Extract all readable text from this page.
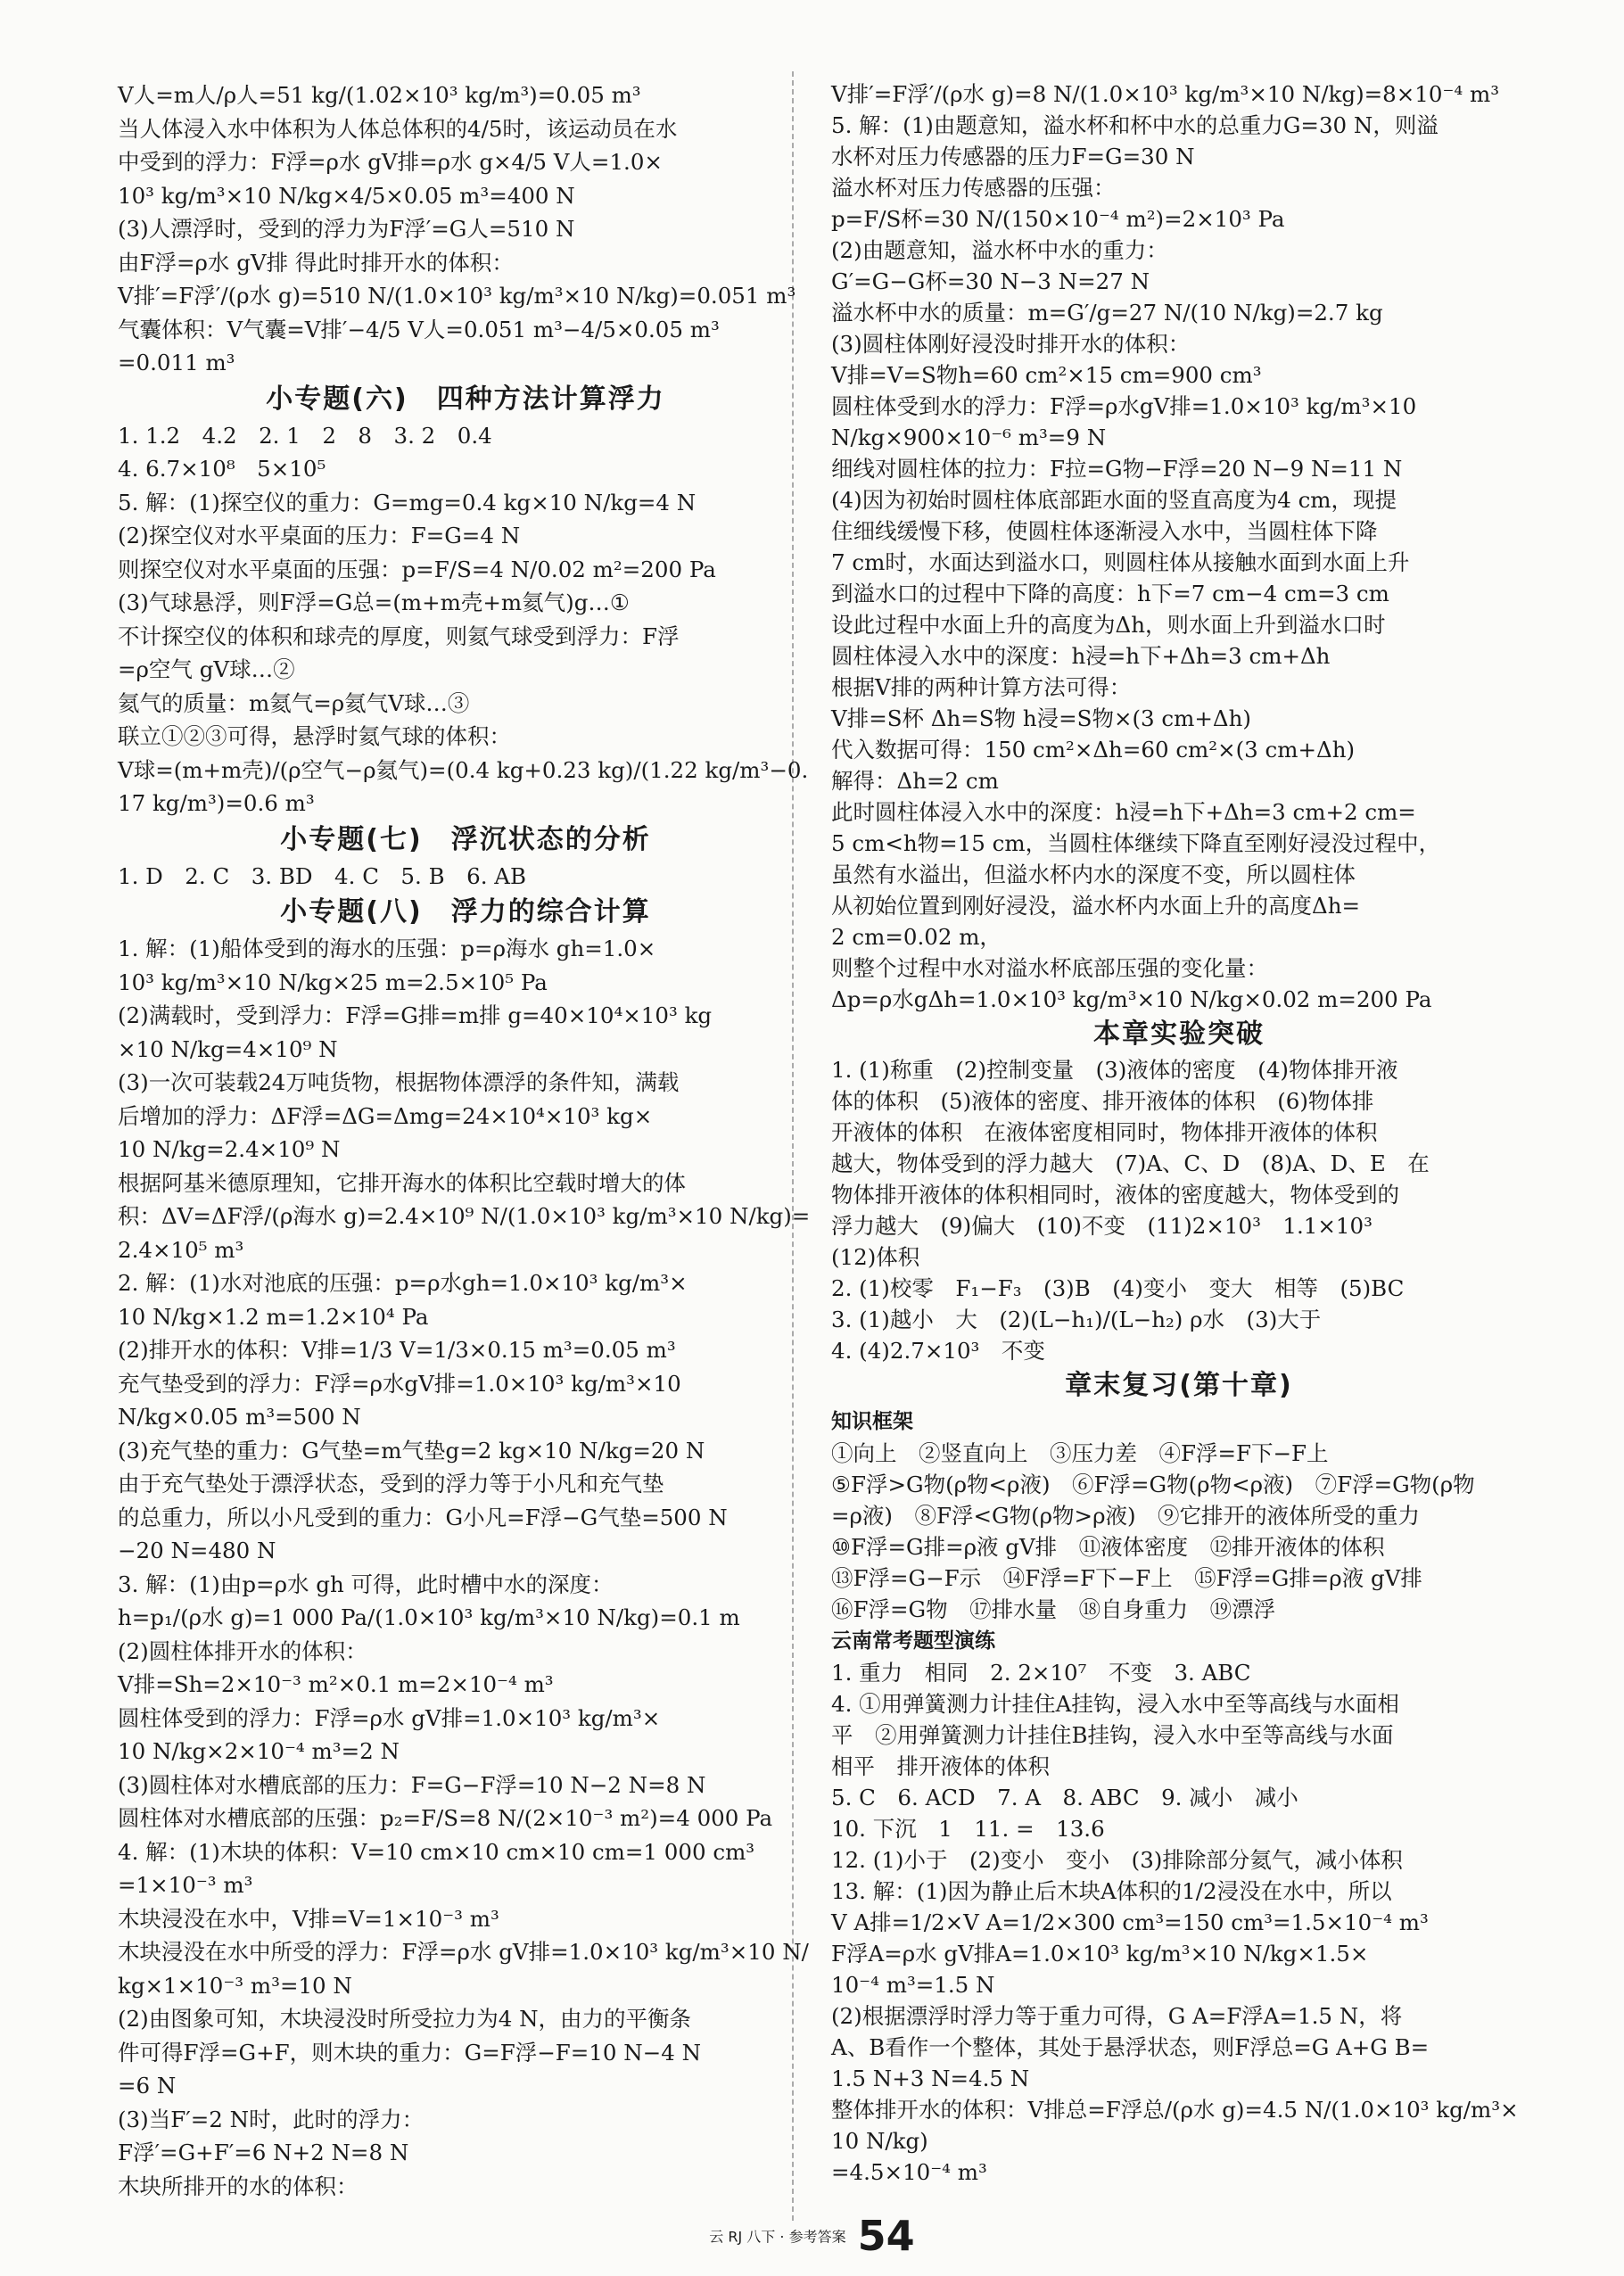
V人=m人/ρ人=51 kg/(1.02×10³ kg/m³)=0.05 m³
当人体浸入水中体积为人体总体积的4/5时，该运动员在水
中受到的浮力：F浮=ρ水 gV排=ρ水 g×4/5 V人=1.0×
10³ kg/m³×10 N/kg×4/5×0.05 m³=400 N
(3)人漂浮时，受到的浮力为F浮′=G人=510 N
由F浮=ρ水 gV排 得此时排开水的体积：
V排′=F浮′/(ρ水 g)=510 N/(1.0×10³ kg/m³×10 N/kg)=0.051 m³
气囊体积：V气囊=V排′−4/5 V人=0.051 m³−4/5×0.05 m³
=0.011 m³
小专题(六)　四种方法计算浮力
1. 1.2　4.2　2. 1　2　8　3. 2　0.4
4. 6.7×10⁸　5×10⁵
5. 解：(1)探空仪的重力：G=mg=0.4 kg×10 N/kg=4 N
(2)探空仪对水平桌面的压力：F=G=4 N
则探空仪对水平桌面的压强：p=F/S=4 N/0.02 m²=200 Pa
(3)气球悬浮，则F浮=G总=(m+m壳+m氦气)g…①
不计探空仪的体积和球壳的厚度，则氦气球受到浮力：F浮
=ρ空气 gV球…②
氦气的质量：m氦气=ρ氦气V球…③
联立①②③可得，悬浮时氦气球的体积：
V球=(m+m壳)/(ρ空气−ρ氦气)=(0.4 kg+0.23 kg)/(1.22 kg/m³−0.17 kg/m³)=0.6 m³
小专题(七)　浮沉状态的分析
1. D　2. C　3. BD　4. C　5. B　6. AB
小专题(八)　浮力的综合计算
1. 解：(1)船体受到的海水的压强：p=ρ海水 gh=1.0×
10³ kg/m³×10 N/kg×25 m=2.5×10⁵ Pa
(2)满载时，受到浮力：F浮=G排=m排 g=40×10⁴×10³ kg
×10 N/kg=4×10⁹ N
(3)一次可装载24万吨货物，根据物体漂浮的条件知，满载
后增加的浮力：ΔF浮=ΔG=Δmg=24×10⁴×10³ kg×
10 N/kg=2.4×10⁹ N
根据阿基米德原理知，它排开海水的体积比空载时增大的体
积：ΔV=ΔF浮/(ρ海水 g)=2.4×10⁹ N/(1.0×10³ kg/m³×10 N/kg)=2.4×10⁵ m³
2. 解：(1)水对池底的压强：p=ρ水gh=1.0×10³ kg/m³×
10 N/kg×1.2 m=1.2×10⁴ Pa
(2)排开水的体积：V排=1/3 V=1/3×0.15 m³=0.05 m³
充气垫受到的浮力：F浮=ρ水gV排=1.0×10³ kg/m³×10
N/kg×0.05 m³=500 N
(3)充气垫的重力：G气垫=m气垫g=2 kg×10 N/kg=20 N
由于充气垫处于漂浮状态，受到的浮力等于小凡和充气垫
的总重力，所以小凡受到的重力：G小凡=F浮−G气垫=500 N
−20 N=480 N
3. 解：(1)由p=ρ水 gh 可得，此时槽中水的深度：
h=p₁/(ρ水 g)=1 000 Pa/(1.0×10³ kg/m³×10 N/kg)=0.1 m
(2)圆柱体排开水的体积：
V排=Sh=2×10⁻³ m²×0.1 m=2×10⁻⁴ m³
圆柱体受到的浮力：F浮=ρ水 gV排=1.0×10³ kg/m³×
10 N/kg×2×10⁻⁴ m³=2 N
(3)圆柱体对水槽底部的压力：F=G−F浮=10 N−2 N=8 N
圆柱体对水槽底部的压强：p₂=F/S=8 N/(2×10⁻³ m²)=4 000 Pa
4. 解：(1)木块的体积：V=10 cm×10 cm×10 cm=1 000 cm³
=1×10⁻³ m³
木块浸没在水中，V排=V=1×10⁻³ m³
木块浸没在水中所受的浮力：F浮=ρ水 gV排=1.0×10³ kg/m³×10 N/kg×1×10⁻³ m³=10 N
(2)由图象可知，木块浸没时所受拉力为4 N，由力的平衡条
件可得F浮=G+F，则木块的重力：G=F浮−F=10 N−4 N
=6 N
(3)当F′=2 N时，此时的浮力：
F浮′=G+F′=6 N+2 N=8 N
木块所排开的水的体积：
V排′=F浮′/(ρ水 g)=8 N/(1.0×10³ kg/m³×10 N/kg)=8×10⁻⁴ m³
5. 解：(1)由题意知，溢水杯和杯中水的总重力G=30 N，则溢
水杯对压力传感器的压力F=G=30 N
溢水杯对压力传感器的压强：
p=F/S杯=30 N/(150×10⁻⁴ m²)=2×10³ Pa
(2)由题意知，溢水杯中水的重力：
G′=G−G杯=30 N−3 N=27 N
溢水杯中水的质量：m=G′/g=27 N/(10 N/kg)=2.7 kg
(3)圆柱体刚好浸没时排开水的体积：
V排=V=S物h=60 cm²×15 cm=900 cm³
圆柱体受到水的浮力：F浮=ρ水gV排=1.0×10³ kg/m³×10
N/kg×900×10⁻⁶ m³=9 N
细线对圆柱体的拉力：F拉=G物−F浮=20 N−9 N=11 N
(4)因为初始时圆柱体底部距水面的竖直高度为4 cm，现提
住细线缓慢下移，使圆柱体逐渐浸入水中，当圆柱体下降
7 cm时，水面达到溢水口，则圆柱体从接触水面到水面上升
到溢水口的过程中下降的高度：h下=7 cm−4 cm=3 cm
设此过程中水面上升的高度为Δh，则水面上升到溢水口时
圆柱体浸入水中的深度：h浸=h下+Δh=3 cm+Δh
根据V排的两种计算方法可得：
V排=S杯 Δh=S物 h浸=S物×(3 cm+Δh)
代入数据可得：150 cm²×Δh=60 cm²×(3 cm+Δh)
解得：Δh=2 cm
此时圆柱体浸入水中的深度：h浸=h下+Δh=3 cm+2 cm=
5 cm<h物=15 cm，当圆柱体继续下降直至刚好浸没过程中，
虽然有水溢出，但溢水杯内水的深度不变，所以圆柱体
从初始位置到刚好浸没，溢水杯内水面上升的高度Δh=
2 cm=0.02 m，
则整个过程中水对溢水杯底部压强的变化量：
Δp=ρ水gΔh=1.0×10³ kg/m³×10 N/kg×0.02 m=200 Pa
本章实验突破
1. (1)称重　(2)控制变量　(3)液体的密度　(4)物体排开液
体的体积　(5)液体的密度、排开液体的体积　(6)物体排
开液体的体积　在液体密度相同时，物体排开液体的体积
越大，物体受到的浮力越大　(7)A、C、D　(8)A、D、E　在
物体排开液体的体积相同时，液体的密度越大，物体受到的
浮力越大　(9)偏大　(10)不变　(11)2×10³　1.1×10³
(12)体积
2. (1)校零　F₁−F₃　(3)B　(4)变小　变大　相等　(5)BC
3. (1)越小　大　(2)(L−h₁)/(L−h₂) ρ水　(3)大于
4. (4)2.7×10³　不变
章末复习(第十章)
知识框架
①向上　②竖直向上　③压力差　④F浮=F下−F上
⑤F浮>G物(ρ物<ρ液)　⑥F浮=G物(ρ物<ρ液)　⑦F浮=G物(ρ物
=ρ液)　⑧F浮<G物(ρ物>ρ液)　⑨它排开的液体所受的重力
⑩F浮=G排=ρ液 gV排　⑪液体密度　⑫排开液体的体积
⑬F浮=G−F示　⑭F浮=F下−F上　⑮F浮=G排=ρ液 gV排
⑯F浮=G物　⑰排水量　⑱自身重力　⑲漂浮
云南常考题型演练
1. 重力　相同　2. 2×10⁷　不变　3. ABC
4. ①用弹簧测力计挂住A挂钩，浸入水中至等高线与水面相
平　②用弹簧测力计挂住B挂钩，浸入水中至等高线与水面
相平　排开液体的体积
5. C　6. ACD　7. A　8. ABC　9. 减小　减小
10. 下沉　1　11. =　13.6
12. (1)小于　(2)变小　变小　(3)排除部分氦气，减小体积
13. 解：(1)因为静止后木块A体积的1/2浸没在水中，所以
V A排=1/2×V A=1/2×300 cm³=150 cm³=1.5×10⁻⁴ m³
F浮A=ρ水 gV排A=1.0×10³ kg/m³×10 N/kg×1.5×
10⁻⁴ m³=1.5 N
(2)根据漂浮时浮力等于重力可得，G A=F浮A=1.5 N，将
A、B看作一个整体，其处于悬浮状态，则F浮总=G A+G B=
1.5 N+3 N=4.5 N
整体排开水的体积：V排总=F浮总/(ρ水 g)=4.5 N/(1.0×10³ kg/m³×10 N/kg)
=4.5×10⁻⁴ m³
云 RJ 八下 · 参考答案 54
